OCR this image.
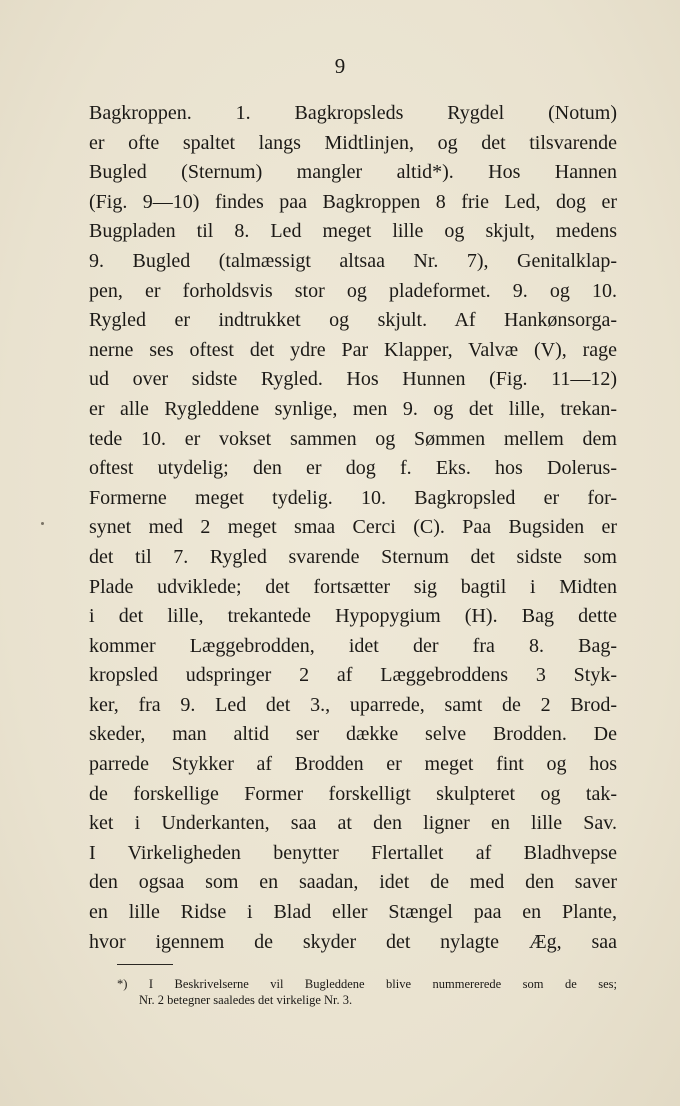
9
Bagkroppen. 1. Bagkropsleds Rygdel (Notum)
er ofte spaltet langs Midtlinjen, og det tilsvarende
Bugled (Sternum) mangler altid*). Hos Hannen
(Fig. 9—10) findes paa Bagkroppen 8 frie Led, dog er
Bugpladen til 8. Led meget lille og skjult, medens
9. Bugled (talmæssigt altsaa Nr. 7), Genitalklap-
pen, er forholdsvis stor og pladeformet. 9. og 10.
Rygled er indtrukket og skjult. Af Hankønsorga-
nerne ses oftest det ydre Par Klapper, Valvæ (V), rage
ud over sidste Rygled. Hos Hunnen (Fig. 11—12)
er alle Rygleddene synlige, men 9. og det lille, trekan-
tede 10. er vokset sammen og Sømmen mellem dem
oftest utydelig; den er dog f. Eks. hos Dolerus-
Formerne meget tydelig. 10. Bagkropsled er for-
synet med 2 meget smaa Cerci (C). Paa Bugsiden er
det til 7. Rygled svarende Sternum det sidste som
Plade udviklede; det fortsætter sig bagtil i Midten
i det lille, trekantede Hypopygium (H). Bag dette
kommer Læggebrodden, idet der fra 8. Bag-
kropsled udspringer 2 af Læggebroddens 3 Styk-
ker, fra 9. Led det 3., uparrede, samt de 2 Brod-
skeder, man altid ser dække selve Brodden. De
parrede Stykker af Brodden er meget fint og hos
de forskellige Former forskelligt skulpteret og tak-
ket i Underkanten, saa at den ligner en lille Sav.
I Virkeligheden benytter Flertallet af Bladhvepse
den ogsaa som en saadan, idet de med den saver
en lille Ridse i Blad eller Stængel paa en Plante,
hvor igennem de skyder det nylagte Æg, saa
*) I Beskrivelserne vil Bugleddene blive nummererede som de ses;
Nr. 2 betegner saaledes det virkelige Nr. 3.
